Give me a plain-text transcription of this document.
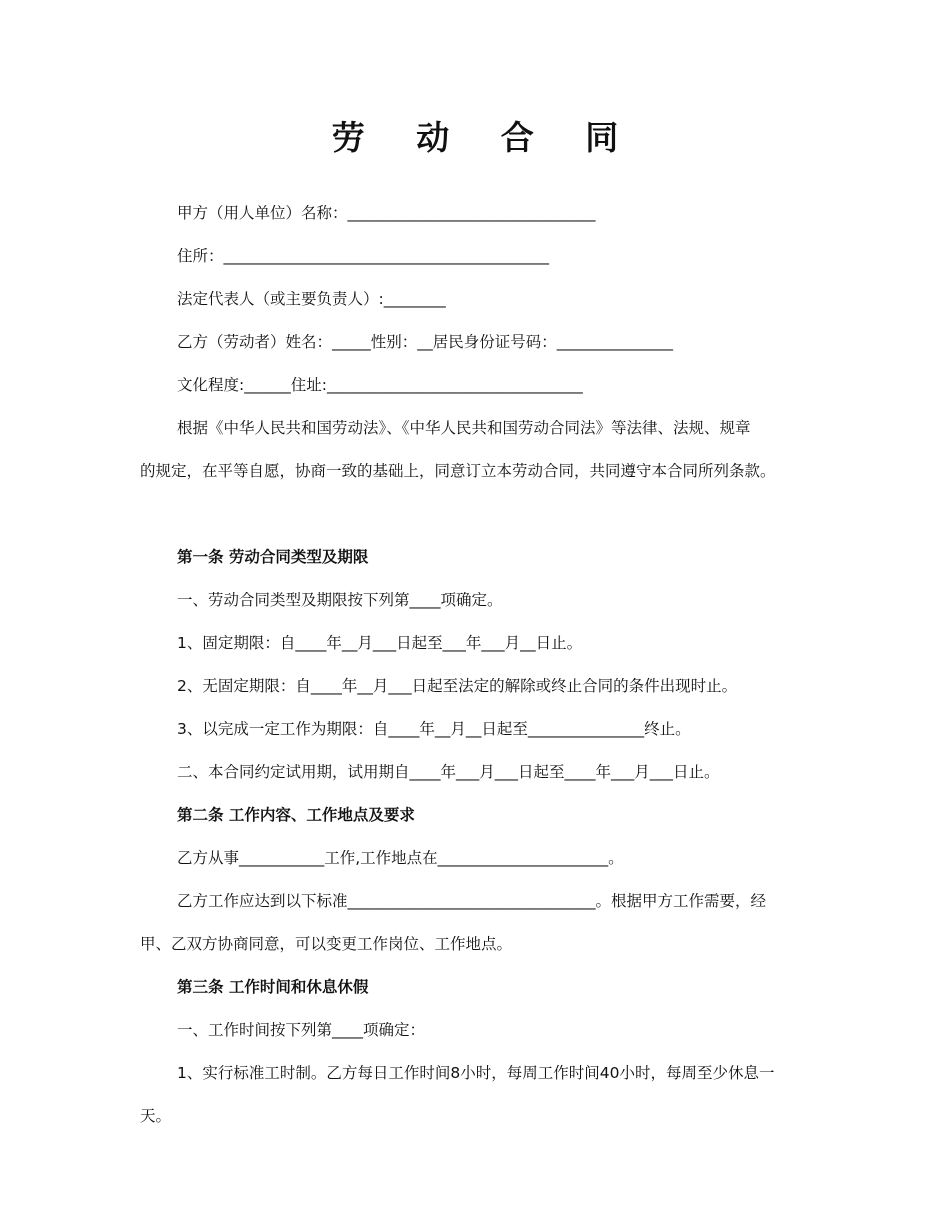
劳 动 合 同
甲方（用人单位）名称：________________________________
住所：__________________________________________
法定代表人（或主要负责人）:________
乙方（劳动者）姓名：_____性别：__居民身份证号码：_______________
文化程度:______住址:_________________________________
根据《中华人民共和国劳动法》、《中华人民共和国劳动合同法》等法律、法规、规章
的规定，在平等自愿，协商一致的基础上，同意订立本劳动合同，共同遵守本合同所列条款。
第一条 劳动合同类型及期限
一、劳动合同类型及期限按下列第____项确定。
1、固定期限：自____年__月___日起至___年___月__日止。
2、无固定期限：自____年__月___日起至法定的解除或终止合同的条件出现时止。
3、以完成一定工作为期限：自____年__月__日起至_______________终止。
二、本合同约定试用期，试用期自____年___月___日起至____年___月___日止。
第二条 工作内容、工作地点及要求
乙方从事___________工作,工作地点在______________________。
乙方工作应达到以下标准________________________________。根据甲方工作需要，经
甲、乙双方协商同意，可以变更工作岗位、工作地点。
第三条 工作时间和休息休假
一、工作时间按下列第____项确定：
1、实行标准工时制。乙方每日工作时间8小时，每周工作时间40小时，每周至少休息一
天。
